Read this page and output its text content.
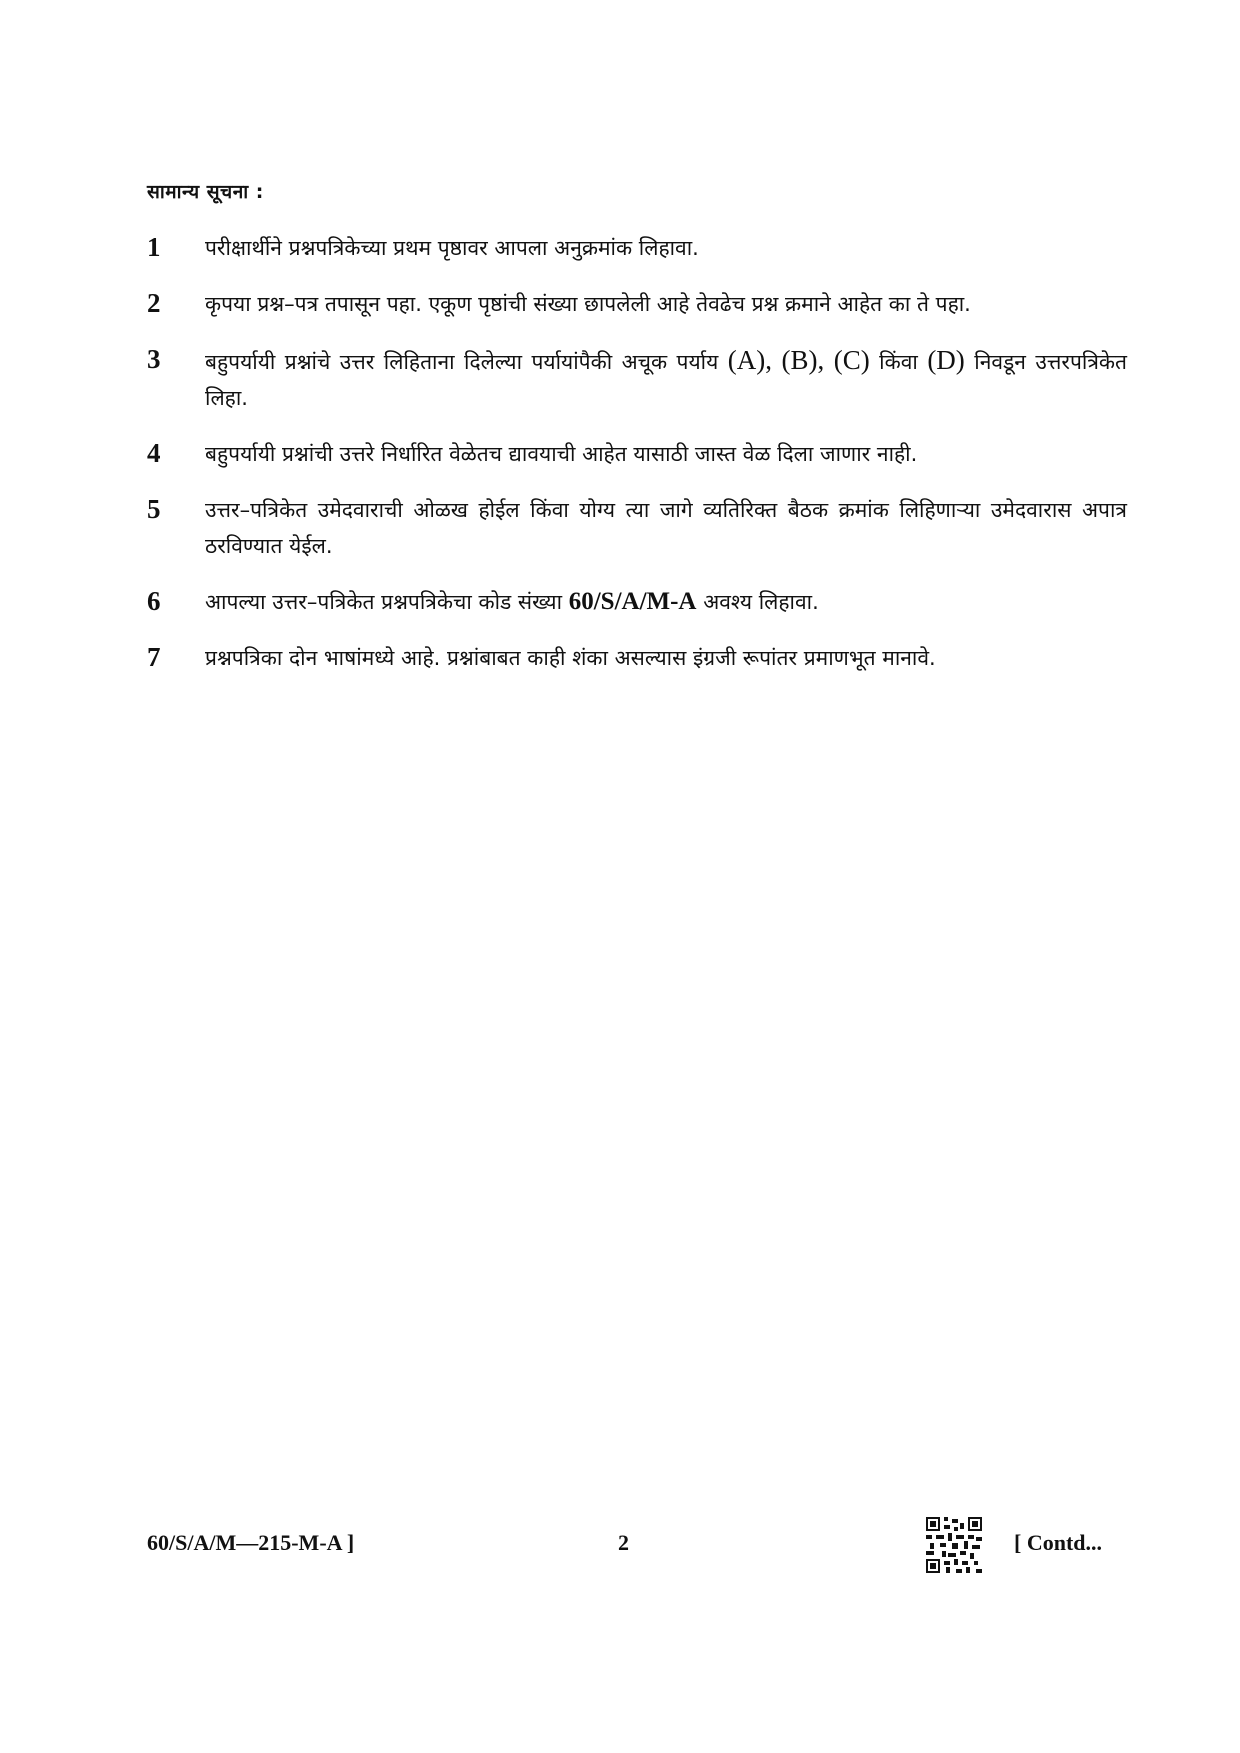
सामान्य सूचना :
1	परीक्षार्थीने प्रश्नपत्रिकेच्या प्रथम पृष्ठावर आपला अनुक्रमांक लिहावा.
2	कृपया प्रश्न–पत्र तपासून पहा. एकूण पृष्ठांची संख्या छापलेली आहे तेवढेच प्रश्न क्रमाने आहेत का ते पहा.
3	बहुपर्यायी प्रश्नांचे उत्तर लिहिताना दिलेल्या पर्यायांपैकी अचूक पर्याय (A), (B), (C) किंवा (D) निवडून उत्तरपत्रिकेत लिहा.
4	बहुपर्यायी प्रश्नांची उत्तरे निर्धारित वेळेतच द्यावयाची आहेत यासाठी जास्त वेळ दिला जाणार नाही.
5	उत्तर–पत्रिकेत उमेदवाराची ओळख होईल किंवा योग्य त्या जागे व्यतिरिक्त बैठक क्रमांक लिहिणाऱ्या उमेदवारास अपात्र ठरविण्यात येईल.
6	आपल्या उत्तर–पत्रिकेत प्रश्नपत्रिकेचा कोड संख्या 60/S/A/M-A अवश्य लिहावा.
7	प्रश्नपत्रिका दोन भाषांमध्ये आहे. प्रश्नांबाबत काही शंका असल्यास इंग्रजी रूपांतर प्रमाणभूत मानावे.
60/S/A/M—215-M-A ]	2	[ Contd...
